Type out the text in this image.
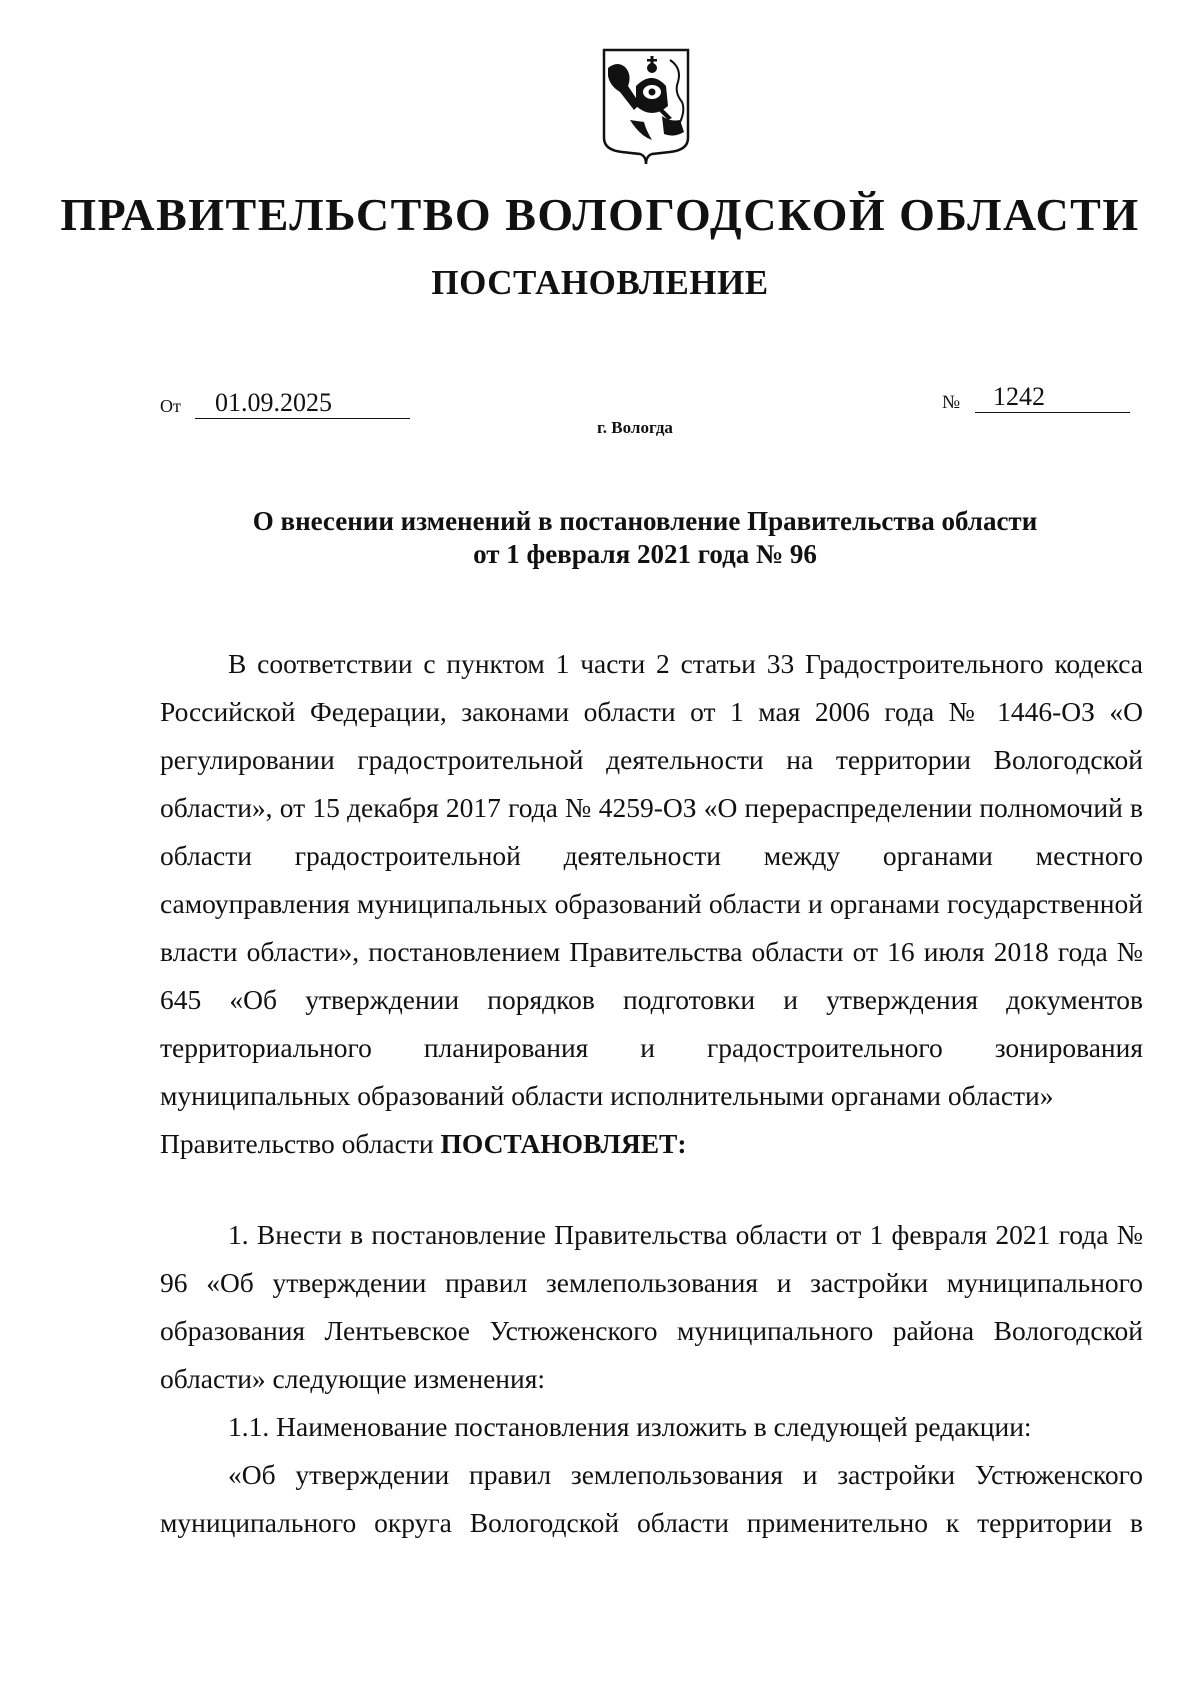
ПРАВИТЕЛЬСТВО ВОЛОГОДСКОЙ ОБЛАСТИ
ПОСТАНОВЛЕНИЕ
От	01.09.2025	№	1242
г. Вологда
О внесении изменений в постановление Правительства области
от 1 февраля 2021 года № 96

В соответствии с пунктом 1 части 2 статьи 33 Градостроительного кодекса Российской Федерации, законами области от 1 мая 2006 года № 1446-ОЗ «О регулировании градостроительной деятельности на территории Вологодской области», от 15 декабря 2017 года № 4259-ОЗ «О перераспределении полномочий в области градостроительной деятельности между органами местного самоуправления муниципальных образований области и органами государственной власти области», постановлением Правительства области от 16 июля 2018 года № 645 «Об утверждении порядков подготовки и утверждения документов территориального планирования и градостроительного зонирования муниципальных образований области исполнительными органами области»

Правительство области ПОСТАНОВЛЯЕТ:

1. Внести в постановление Правительства области от 1 февраля 2021 года № 96 «Об утверждении правил землепользования и застройки муниципального образования Лентьевское Устюженского муниципального района Вологодской области» следующие изменения:

1.1. Наименование постановления изложить в следующей редакции:

«Об утверждении правил землепользования и застройки Устюженского муниципального округа Вологодской области применительно к территории в
